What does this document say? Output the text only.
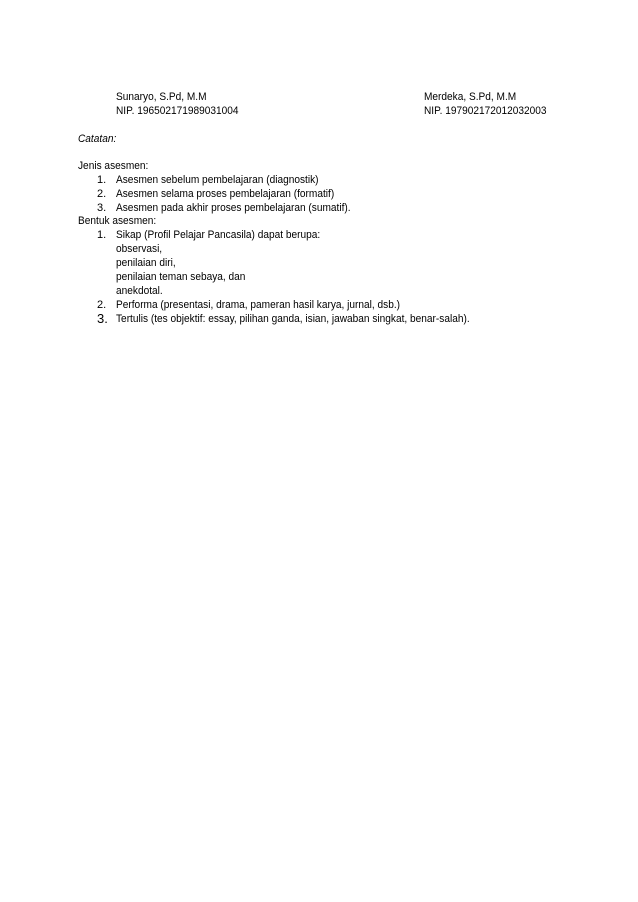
Sunaryo, S.Pd, M.M
NIP. 196502171989031004
Merdeka, S.Pd, M.M
NIP. 197902172012032003
Catatan:
Jenis asesmen:
1. Asesmen sebelum pembelajaran (diagnostik)
2. Asesmen selama proses pembelajaran (formatif)
3. Asesmen pada akhir proses pembelajaran (sumatif).
Bentuk asesmen:
1. Sikap (Profil Pelajar Pancasila) dapat berupa:
observasi,
penilaian diri,
penilaian teman sebaya, dan
anekdotal.
2. Performa (presentasi, drama, pameran hasil karya, jurnal, dsb.)
3. Tertulis (tes objektif: essay, pilihan ganda, isian, jawaban singkat, benar-salah).
